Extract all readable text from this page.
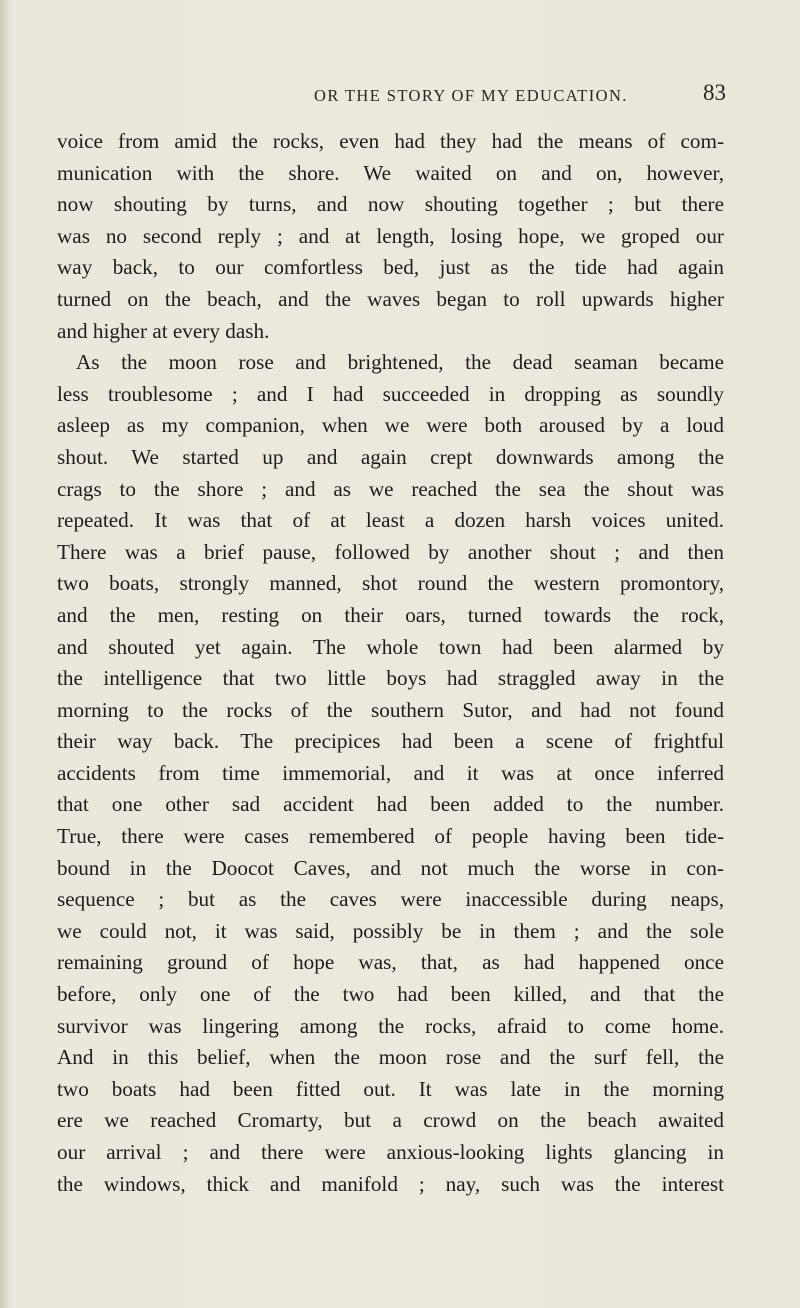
OR THE STORY OF MY EDUCATION.	83
voice from amid the rocks, even had they had the means of com-
munication with the shore. We waited on and on, however,
now shouting by turns, and now shouting together ; but there
was no second reply ; and at length, losing hope, we groped our
way back, to our comfortless bed, just as the tide had again
turned on the beach, and the waves began to roll upwards higher
and higher at every dash.
As the moon rose and brightened, the dead seaman became
less troublesome ; and I had succeeded in dropping as soundly
asleep as my companion, when we were both aroused by a loud
shout. We started up and again crept downwards among the
crags to the shore ; and as we reached the sea the shout was
repeated. It was that of at least a dozen harsh voices united.
There was a brief pause, followed by another shout ; and then
two boats, strongly manned, shot round the western promontory,
and the men, resting on their oars, turned towards the rock,
and shouted yet again. The whole town had been alarmed by
the intelligence that two little boys had straggled away in the
morning to the rocks of the southern Sutor, and had not found
their way back. The precipices had been a scene of frightful
accidents from time immemorial, and it was at once inferred
that one other sad accident had been added to the number.
True, there were cases remembered of people having been tide-
bound in the Doocot Caves, and not much the worse in con-
sequence ; but as the caves were inaccessible during neaps,
we could not, it was said, possibly be in them ; and the sole
remaining ground of hope was, that, as had happened once
before, only one of the two had been killed, and that the
survivor was lingering among the rocks, afraid to come home.
And in this belief, when the moon rose and the surf fell, the
two boats had been fitted out. It was late in the morning
ere we reached Cromarty, but a crowd on the beach awaited
our arrival ; and there were anxious-looking lights glancing in
the windows, thick and manifold ; nay, such was the interest
